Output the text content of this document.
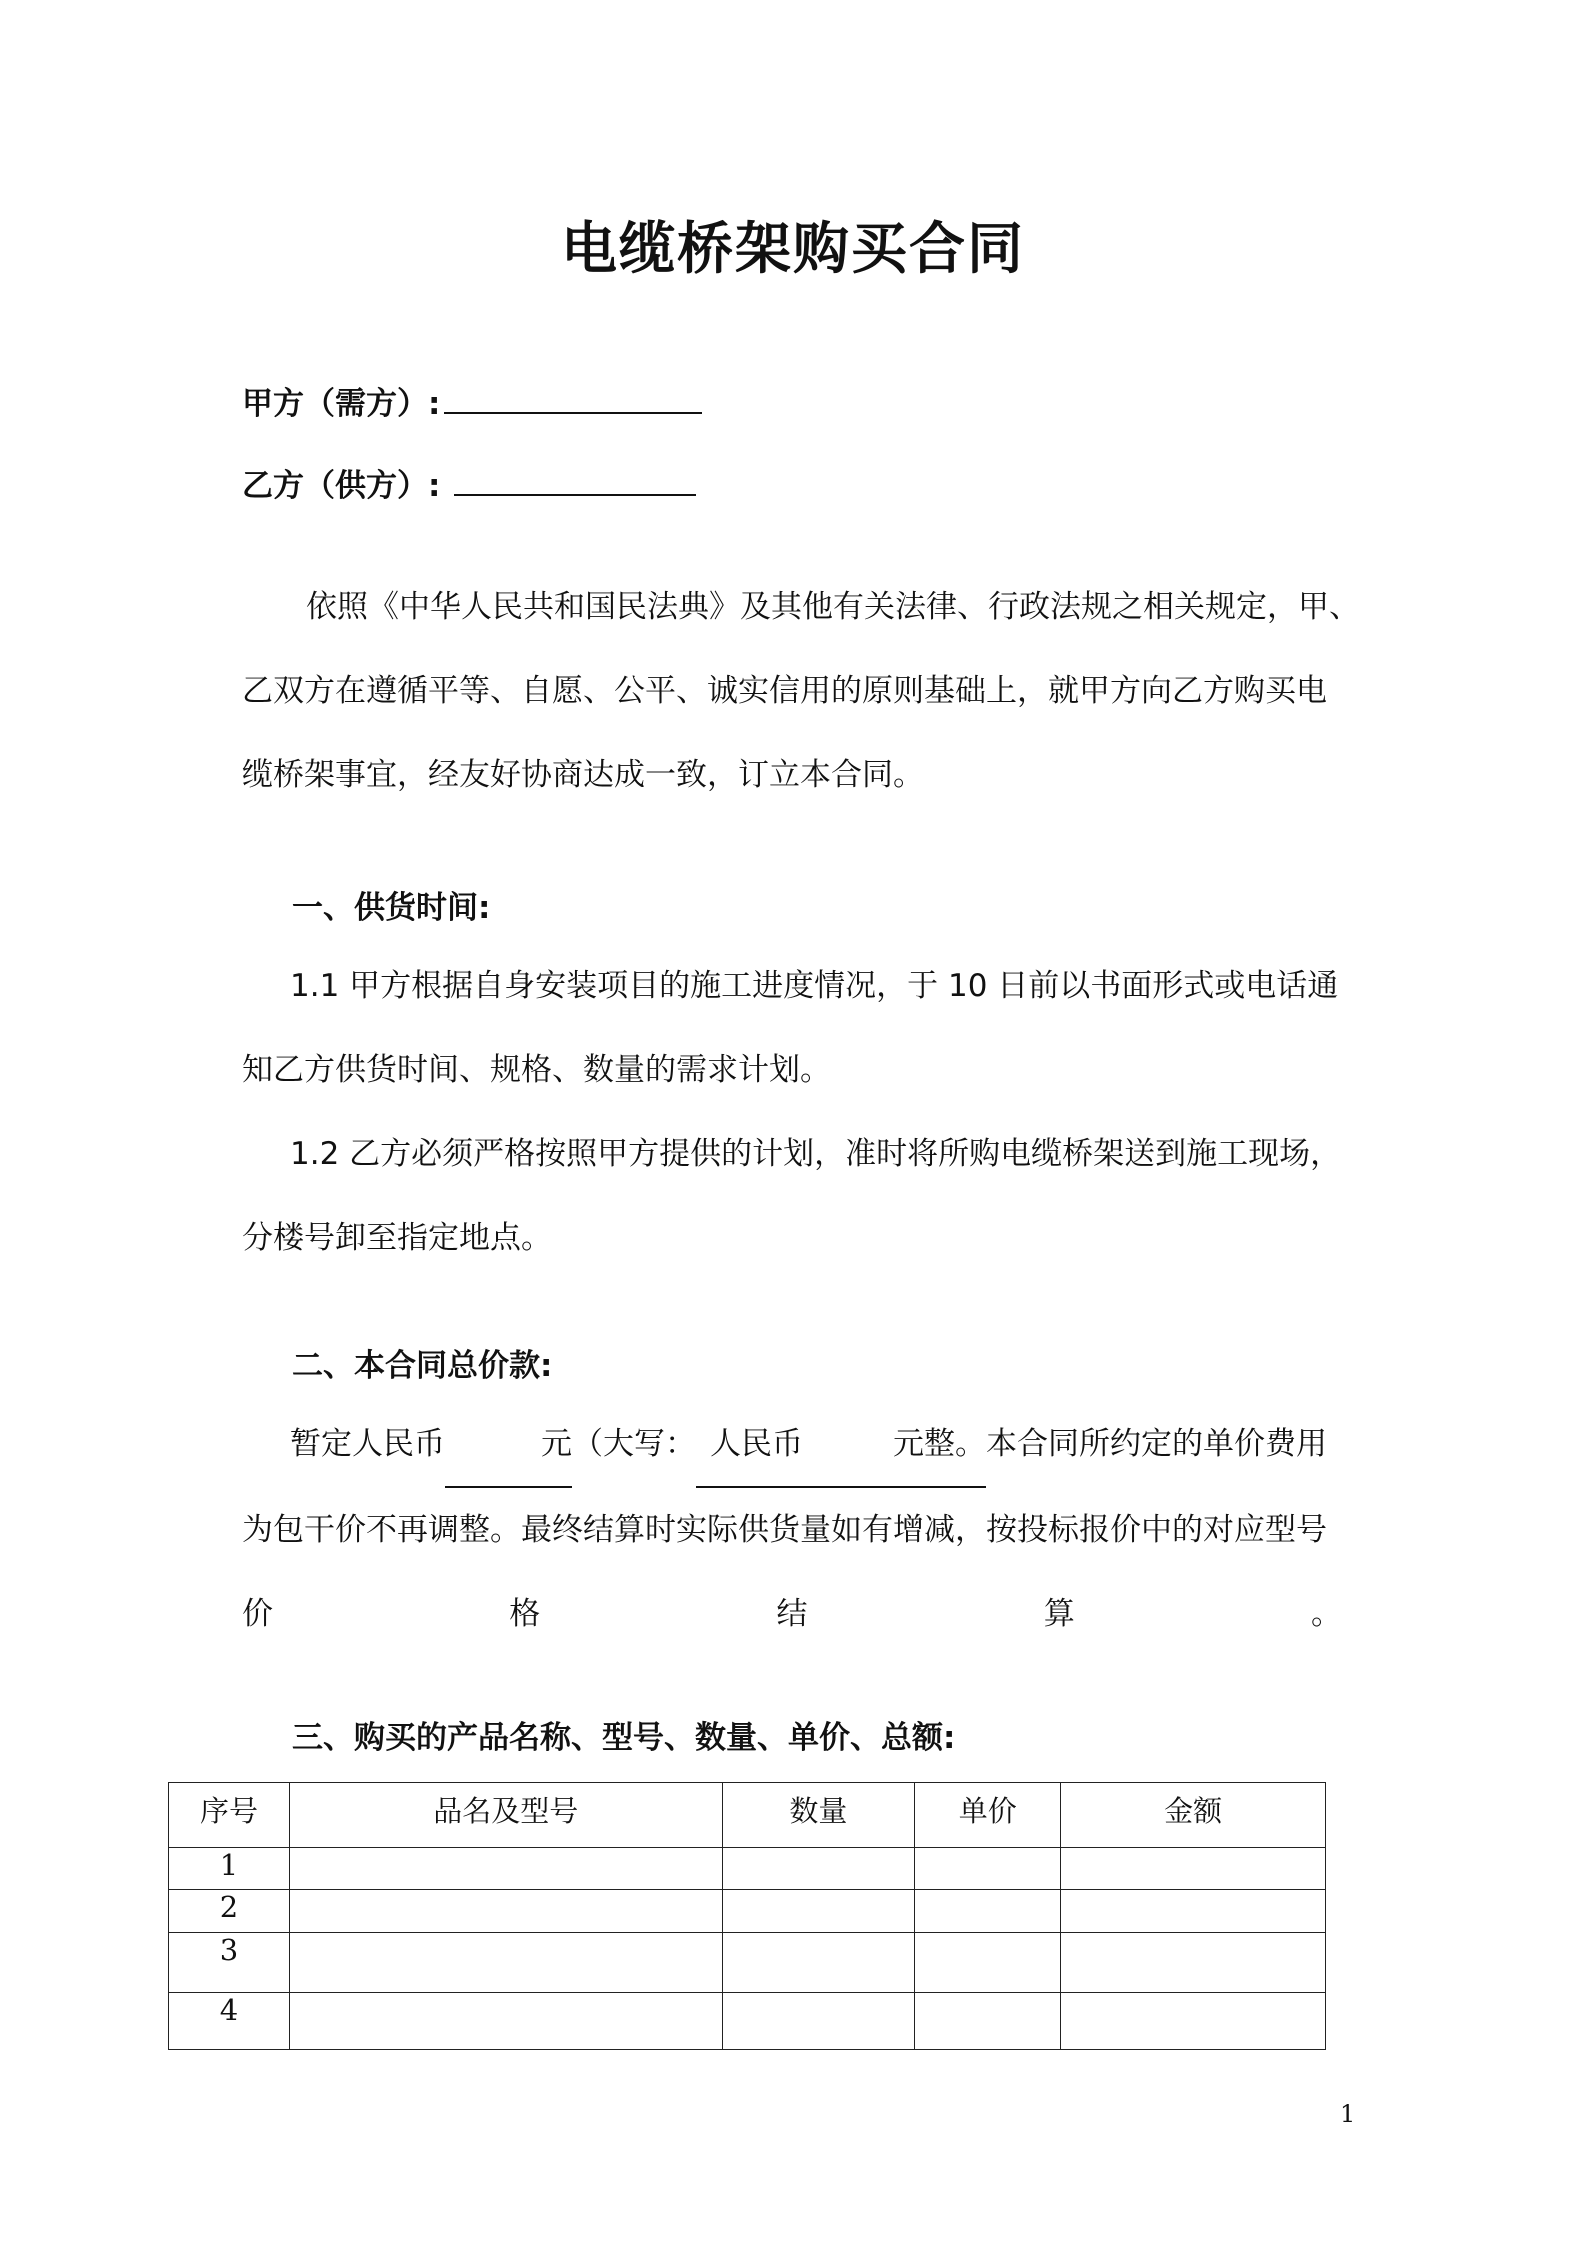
电缆桥架购买合同
甲方（需方）:
乙方（供方）:

依照《中华人民共和国民法典》及其他有关法律、行政法规之相关规定，甲、

乙双方在遵循平等、自愿、公平、诚实信用的原则基础上，就甲方向乙方购买电

缆桥架事宜，经友好协商达成一致，订立本合同。

一、供货时间:

1.1 甲方根据自身安装项目的施工进度情况，于 10 日前以书面形式或电话通

知乙方供货时间、规格、数量的需求计划。

1.2 乙方必须严格按照甲方提供的计划，准时将所购电缆桥架送到施工现场，

分楼号卸至指定地点。

二、本合同总价款:

暂定人民币	元（大写： 人民币	元整。本合同所约定的单价费用

为包干价不再调整。最终结算时实际供货量如有增减，按投标报价中的对应型号

价	格	结	算	。

三、购买的产品名称、型号、数量、单价、总额:
序号	品名及型号	数量	单价	金额
1				
2				
3				
4				
1
